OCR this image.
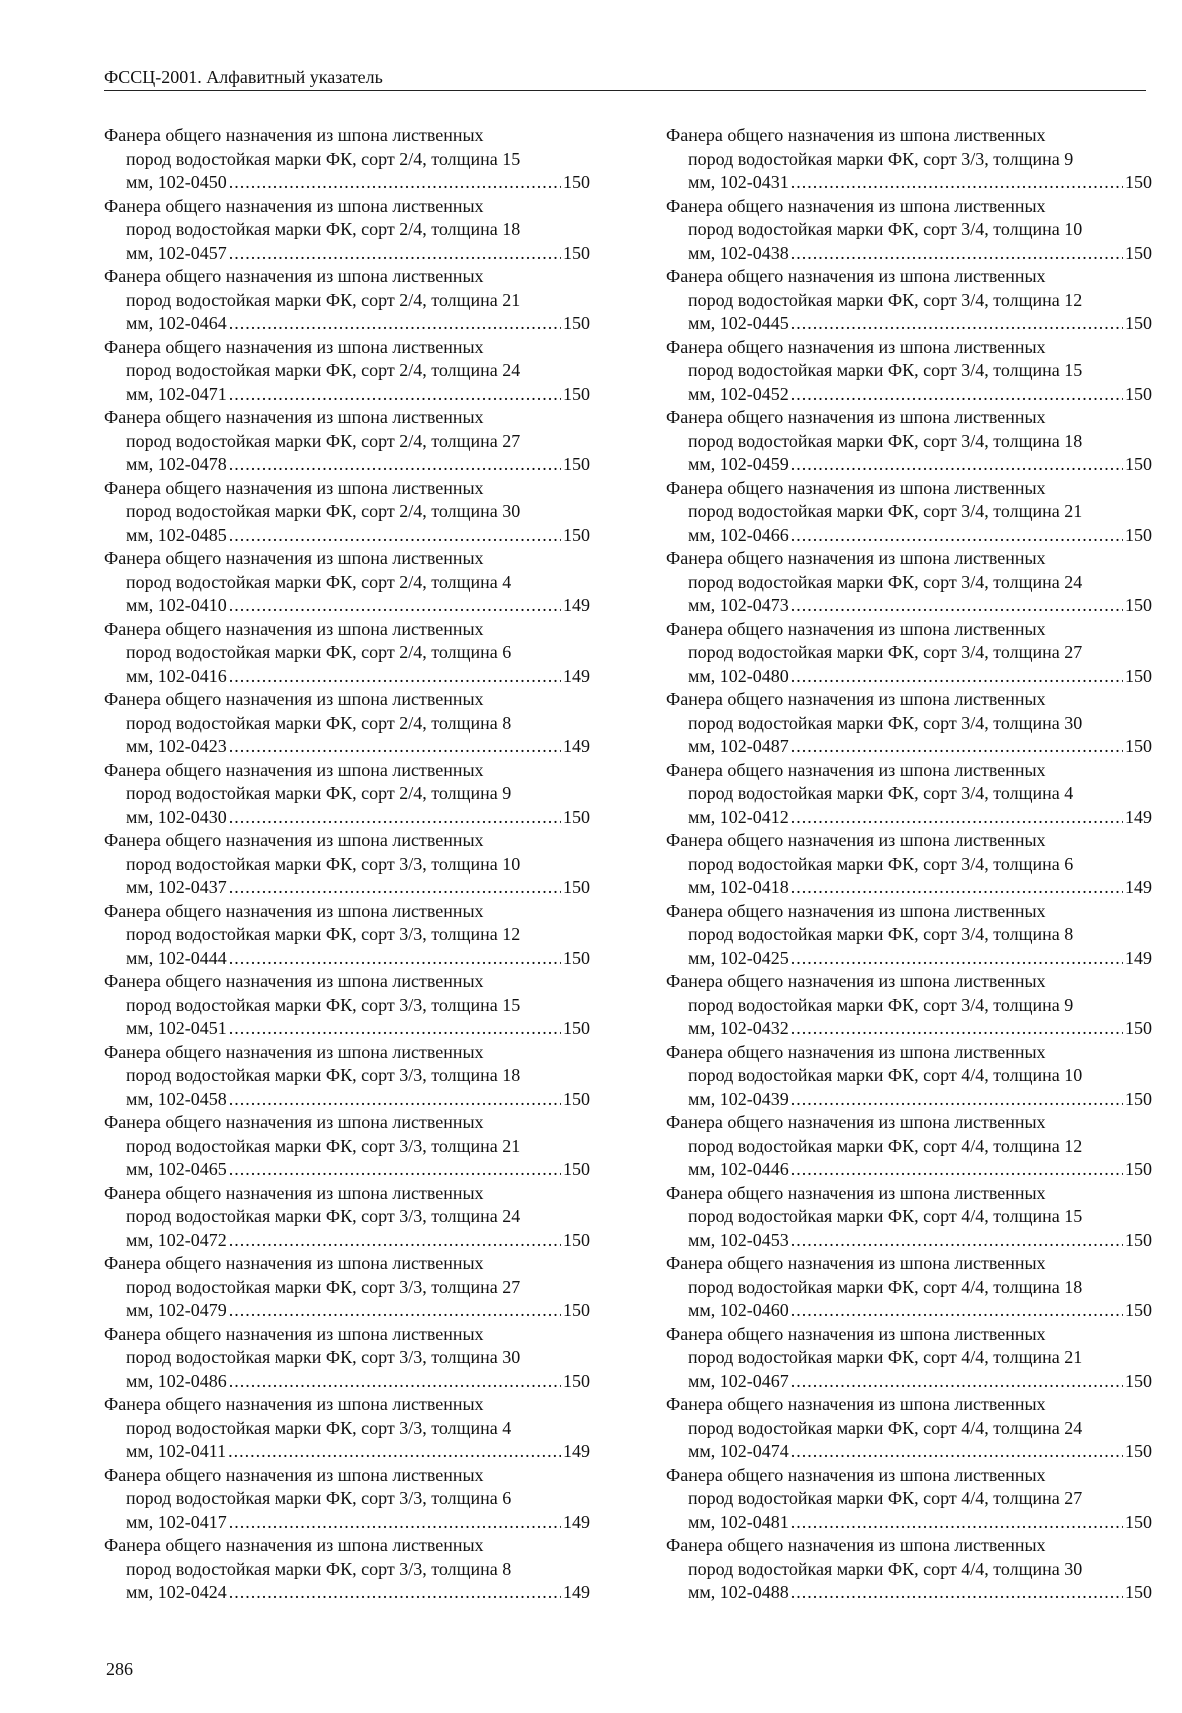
ФССЦ-2001. Алфавитный указатель
Фанера общего назначения из шпона лиственных
пород водостойкая марки ФК, сорт 2/4, толщина 15
мм, 102-0450 .....	150
Фанера общего назначения из шпона лиственных
пород водостойкая марки ФК, сорт 2/4, толщина 18
мм, 102-0457 .....	150
Фанера общего назначения из шпона лиственных
пород водостойкая марки ФК, сорт 2/4, толщина 21
мм, 102-0464 .....	150
Фанера общего назначения из шпона лиственных
пород водостойкая марки ФК, сорт 2/4, толщина 24
мм, 102-0471 .....	150
Фанера общего назначения из шпона лиственных
пород водостойкая марки ФК, сорт 2/4, толщина 27
мм, 102-0478 .....	150
Фанера общего назначения из шпона лиственных
пород водостойкая марки ФК, сорт 2/4, толщина 30
мм, 102-0485 .....	150
Фанера общего назначения из шпона лиственных
пород водостойкая марки ФК, сорт 2/4, толщина 4
мм, 102-0410 .....	149
Фанера общего назначения из шпона лиственных
пород водостойкая марки ФК, сорт 2/4, толщина 6
мм, 102-0416 .....	149
Фанера общего назначения из шпона лиственных
пород водостойкая марки ФК, сорт 2/4, толщина 8
мм, 102-0423 .....	149
Фанера общего назначения из шпона лиственных
пород водостойкая марки ФК, сорт 2/4, толщина 9
мм, 102-0430 .....	150
Фанера общего назначения из шпона лиственных
пород водостойкая марки ФК, сорт 3/3, толщина 10
мм, 102-0437 .....	150
Фанера общего назначения из шпона лиственных
пород водостойкая марки ФК, сорт 3/3, толщина 12
мм, 102-0444 .....	150
Фанера общего назначения из шпона лиственных
пород водостойкая марки ФК, сорт 3/3, толщина 15
мм, 102-0451 .....	150
Фанера общего назначения из шпона лиственных
пород водостойкая марки ФК, сорт 3/3, толщина 18
мм, 102-0458 .....	150
Фанера общего назначения из шпона лиственных
пород водостойкая марки ФК, сорт 3/3, толщина 21
мм, 102-0465 .....	150
Фанера общего назначения из шпона лиственных
пород водостойкая марки ФК, сорт 3/3, толщина 24
мм, 102-0472 .....	150
Фанера общего назначения из шпона лиственных
пород водостойкая марки ФК, сорт 3/3, толщина 27
мм, 102-0479 .....	150
Фанера общего назначения из шпона лиственных
пород водостойкая марки ФК, сорт 3/3, толщина 30
мм, 102-0486 .....	150
Фанера общего назначения из шпона лиственных
пород водостойкая марки ФК, сорт 3/3, толщина 4
мм, 102-0411 .....	149
Фанера общего назначения из шпона лиственных
пород водостойкая марки ФК, сорт 3/3, толщина 6
мм, 102-0417 .....	149
Фанера общего назначения из шпона лиственных
пород водостойкая марки ФК, сорт 3/3, толщина 8
мм, 102-0424 .....	149
Фанера общего назначения из шпона лиственных
пород водостойкая марки ФК, сорт 3/3, толщина 9
мм, 102-0431 .....	150
Фанера общего назначения из шпона лиственных
пород водостойкая марки ФК, сорт 3/4, толщина 10
мм, 102-0438 .....	150
Фанера общего назначения из шпона лиственных
пород водостойкая марки ФК, сорт 3/4, толщина 12
мм, 102-0445 .....	150
Фанера общего назначения из шпона лиственных
пород водостойкая марки ФК, сорт 3/4, толщина 15
мм, 102-0452 .....	150
Фанера общего назначения из шпона лиственных
пород водостойкая марки ФК, сорт 3/4, толщина 18
мм, 102-0459 .....	150
Фанера общего назначения из шпона лиственных
пород водостойкая марки ФК, сорт 3/4, толщина 21
мм, 102-0466 .....	150
Фанера общего назначения из шпона лиственных
пород водостойкая марки ФК, сорт 3/4, толщина 24
мм, 102-0473 .....	150
Фанера общего назначения из шпона лиственных
пород водостойкая марки ФК, сорт 3/4, толщина 27
мм, 102-0480 .....	150
Фанера общего назначения из шпона лиственных
пород водостойкая марки ФК, сорт 3/4, толщина 30
мм, 102-0487 .....	150
Фанера общего назначения из шпона лиственных
пород водостойкая марки ФК, сорт 3/4, толщина 4
мм, 102-0412 .....	149
Фанера общего назначения из шпона лиственных
пород водостойкая марки ФК, сорт 3/4, толщина 6
мм, 102-0418 .....	149
Фанера общего назначения из шпона лиственных
пород водостойкая марки ФК, сорт 3/4, толщина 8
мм, 102-0425 .....	149
Фанера общего назначения из шпона лиственных
пород водостойкая марки ФК, сорт 3/4, толщина 9
мм, 102-0432 .....	150
Фанера общего назначения из шпона лиственных
пород водостойкая марки ФК, сорт 4/4, толщина 10
мм, 102-0439 .....	150
Фанера общего назначения из шпона лиственных
пород водостойкая марки ФК, сорт 4/4, толщина 12
мм, 102-0446 .....	150
Фанера общего назначения из шпона лиственных
пород водостойкая марки ФК, сорт 4/4, толщина 15
мм, 102-0453 .....	150
Фанера общего назначения из шпона лиственных
пород водостойкая марки ФК, сорт 4/4, толщина 18
мм, 102-0460 .....	150
Фанера общего назначения из шпона лиственных
пород водостойкая марки ФК, сорт 4/4, толщина 21
мм, 102-0467 .....	150
Фанера общего назначения из шпона лиственных
пород водостойкая марки ФК, сорт 4/4, толщина 24
мм, 102-0474 .....	150
Фанера общего назначения из шпона лиственных
пород водостойкая марки ФК, сорт 4/4, толщина 27
мм, 102-0481 .....	150
Фанера общего назначения из шпона лиственных
пород водостойкая марки ФК, сорт 4/4, толщина 30
мм, 102-0488 .....	150
286
